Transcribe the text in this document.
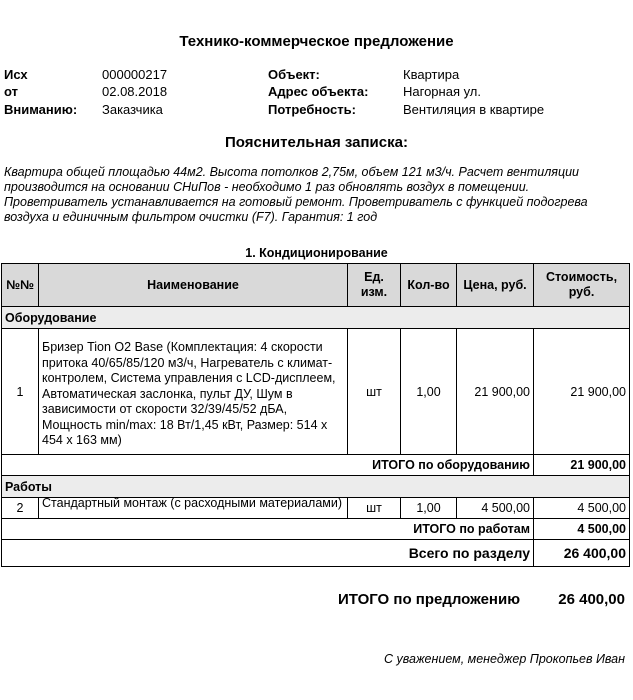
Технико-коммерческое предложение
Исх	000000217
от	02.08.2018
Вниманию: Заказчика
Объект:	Квартира
Адрес объекта:	Нагорная ул.
Потребность:	Вентиляция в квартире
Пояснительная записка:
Квартира общей площадью 44м2. Высота потолков 2,75м, объем 121 м3/ч. Расчет вентиляции производится на основании СНиПов - необходимо 1 раз обновлять воздух в помещении. Проветриватель устанавливается на готовый ремонт. Проветриватель с функцией подогрева воздуха и единичным фильтром очистки (F7). Гарантия: 1 год
1. Кондиционирование
№№	Наименование	Ед. изм.	Кол-во	Цена, руб.	Стоимость, руб.
Оборудование					
1	Бризер Tion O2 Base (Комплектация: 4 скорости притока 40/65/85/120 м3/ч, Нагреватель с климат-контролем, Система управления с LCD-дисплеем, Автоматическая заслонка, пульт ДУ, Шум в зависимости от скорости 32/39/45/52 дБА, Мощность min/max: 18 Вт/1,45 кВт, Размер: 514 х 454 х 163 мм)	шт	1,00	21 900,00	21 900,00
ИТОГО по оборудованию					21 900,00
Работы					
2	Стандартный монтаж (с расходными материалами)	шт	1,00	4 500,00	4 500,00
ИТОГО по работам					4 500,00
Всего по разделу					26 400,00
ИТОГО по предложению	26 400,00
С уважением, менеджер Прокопьев Иван
